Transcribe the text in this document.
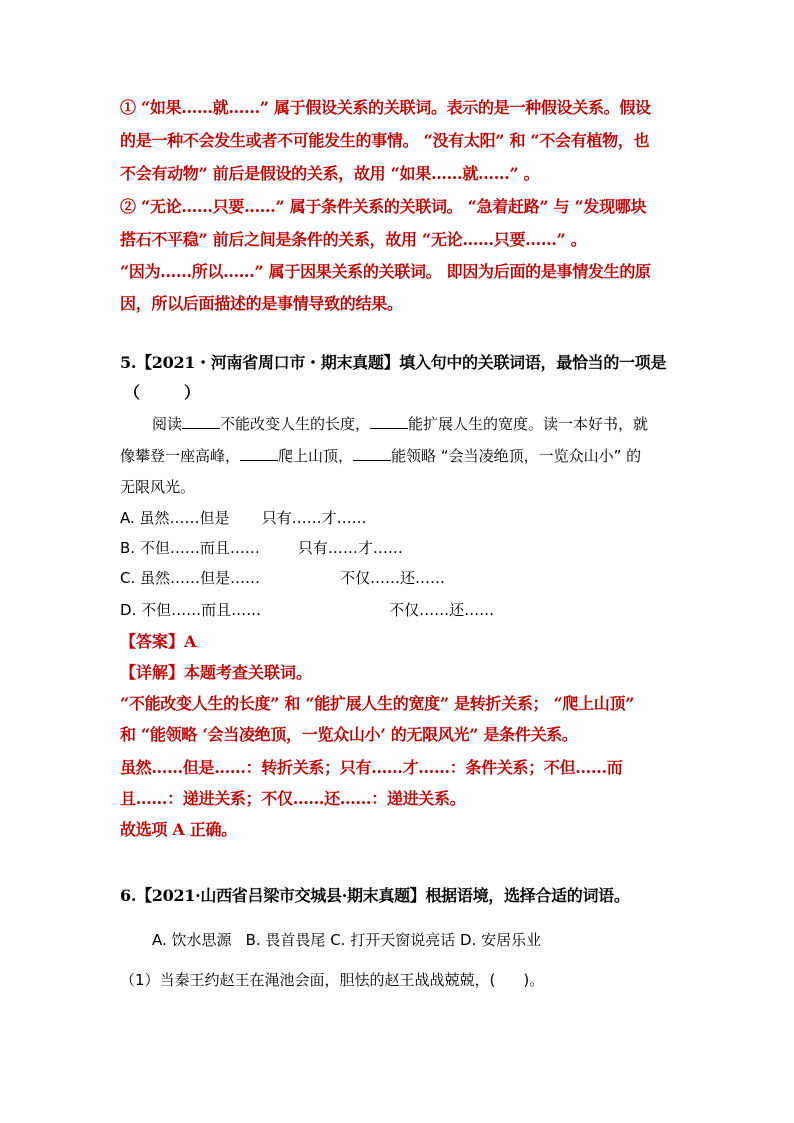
① “如果……就……” 属于假设关系的关联词。表示的是一种假设关系。假设
的是一种不会发生或者不可能发生的事情。 “没有太阳” 和 “不会有植物，也
不会有动物” 前后是假设的关系，故用 “如果……就……” 。
② “无论……只要……” 属于条件关系的关联词。 “急着赶路” 与 “发现哪块
搭石不平稳” 前后之间是条件的关系，故用 “无论……只要……” 。
“因为……所以……” 属于因果关系的关联词。 即因为后面的是事情发生的原
因，所以后面描述的是事情导致的结果。
5.【2021・河南省周口市・期末真题】填入句中的关联词语，最恰当的一项是
（	）
阅读	不能改变人生的长度，	能扩展人生的宽度。读一本好书，就
像攀登一座高峰，	爬上山顶，	能领略 “会当凌绝顶，一览众山小” 的
无限风光。
A. 虽然……但是 只有……才……
B. 不但……而且……	只有……才……
C. 虽然……但是……	不仅……还……
D. 不但……而且……	不仅……还……
【答案】A
【详解】本题考查关联词。
“不能改变人生的长度” 和 “能扩展人生的宽度” 是转折关系； “爬上山顶”
和 “能领略 ‘会当凌绝顶，一览众山小’ 的无限风光” 是条件关系。
虽然……但是……：转折关系；只有……才……：条件关系；不但……而
且……：递进关系；不仅……还……：递进关系。
故选项 A 正确。
6.【2021·山西省吕梁市交城县·期末真题】根据语境，选择合适的词语。
A. 饮水思源 B. 畏首畏尾 C. 打开天窗说亮话 D. 安居乐业
（1）当秦王约赵王在渑池会面，胆怯的赵王战战兢兢，( )。
